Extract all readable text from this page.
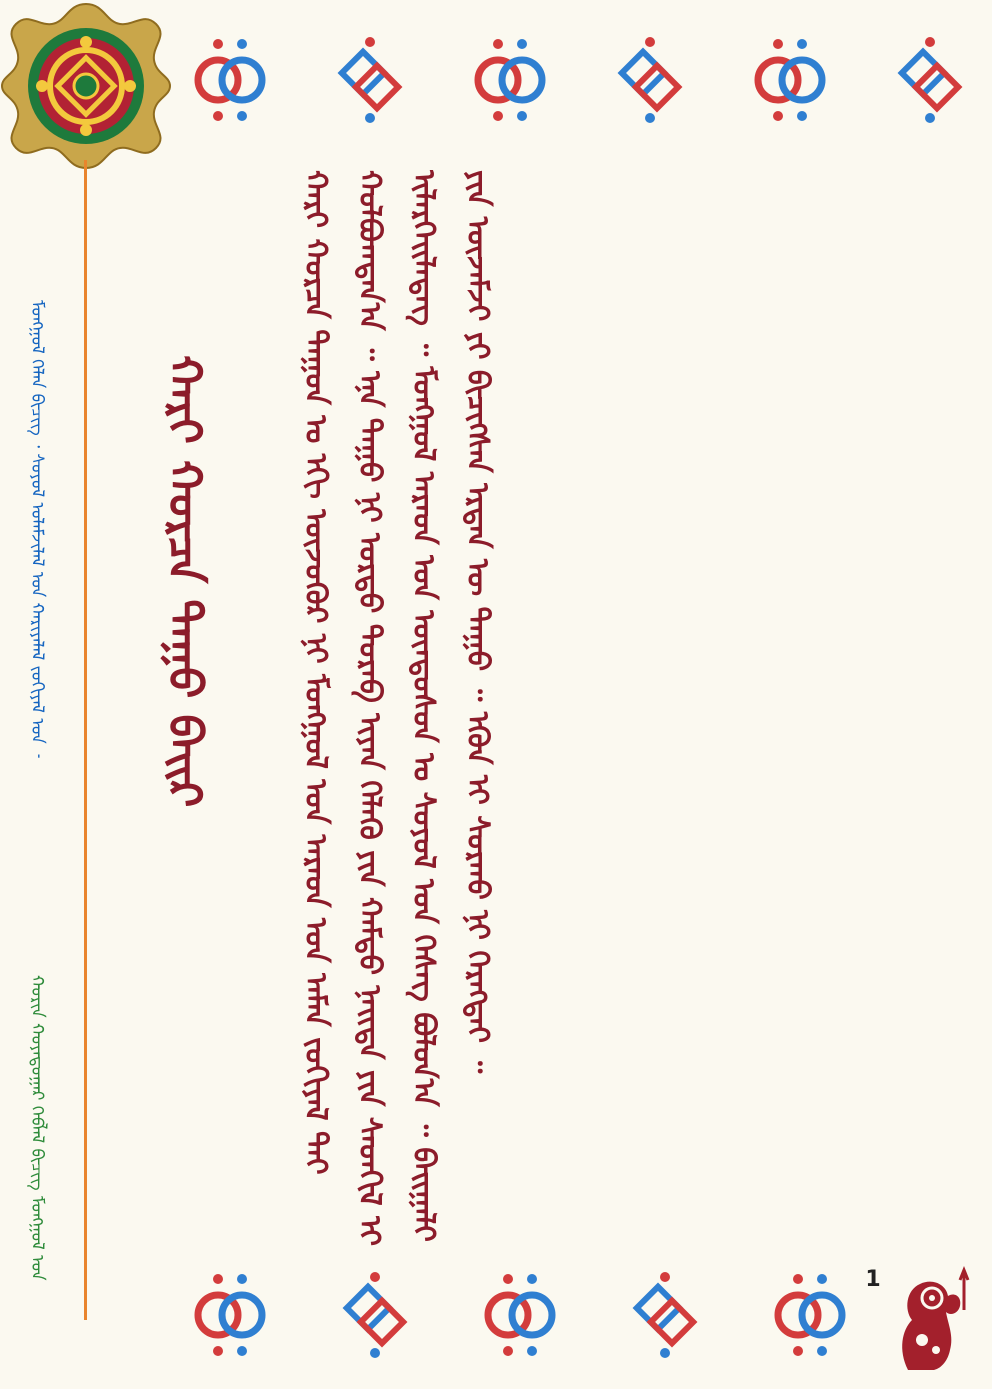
ᠮᠣᠩᠭᠣᠯ ᠬᠡᠯᠡᠨ ᠪᠢᠴᠢᠭ᠌ ᠂ ᠰᠣᠶᠣᠯ ᠤᠯᠠᠮᠵᠢᠯᠠᠯ ᠤᠨ ᠬᠠᠷᠢᠶᠠᠯᠠᠯ ᠵᠣᠬᠢᠶᠠᠯ ᠣᠨ ᠋ ᠊
ᠬᠣᠷᠢᠨ ᠬᠣᠶᠠᠳᠤᠭᠠᠷ ᠬᠡᠪᠯᠡᠯ ᠪᠢᠴᠢᠭ ᠮᠣᠩᠭᠣᠯ ᠤᠨ
ᠬᠠᠷᠢ ᠬᠤᠷᠴᠠ ᠳᠠᠭᠤ ᠪᠠᠢᠷ	ᠬᠠᠷᠢ ᠬᠤᠷᠴᠠ ᠳᠠᠭᠤᠨ ᠤ ᠡᠬᠢ ᠦᠵᠦᠭᠦᠷ ᠨᠢ ᠮᠣᠩᠭᠣᠯ ᠤᠨ ᠠᠷᠠᠳ ᠤᠨ ᠠᠮᠠᠨ ᠵᠣᠬᠢᠶᠠᠯ ᠲᠠᠢ ᠬᠣᠯᠪᠣᠭᠳᠠᠨ᠎ᠠ ᠃ ᠡᠨᠡ ᠳᠠᠭᠤ ᠨᠢ ᠤᠷᠲᠤ ᠳᠤᠷᠠᠪ ᠢᠶᠠᠨ ᠬᠡᠯᠡᠬᠦ ᠶᠢᠨ ᠬᠠᠮᠲᠤ ᠨᠡᠢᠲᠡ ᠶᠢᠨ ᠰᠡᠳᠬᠢᠯ ᠢ ᠢᠯᠡᠷᠬᠡᠢᠯᠡᠳᠡᠭ ᠃ ᠮᠣᠩᠭᠣᠯ ᠠᠷᠠᠳ ᠤᠨ ᠦᠨᠳᠦᠰᠦᠨ ᠤ ᠰᠣᠶᠣᠯ ᠤᠨ ᠬᠡᠰᠡᠭ ᠪᠣᠯᠤᠨ᠎ᠠ ᠃ ᠪᠠᠢᠭᠠᠯᠢ ᠶᠢᠨ ᠦᠵᠡᠮᠵᠢ ᠶᠢ ᠪᠢᠴᠢᠭᠰᠡᠨ ᠡᠷᠲᠡᠨ ᠦ ᠳᠠᠭᠤ ᠃ ᠡᠭᠦᠨ ᠢ ᠰᠤᠷᠬᠤ ᠨᠢ ᠬᠡᠷᠡᠭᠲᠡᠢ ᠃

1
